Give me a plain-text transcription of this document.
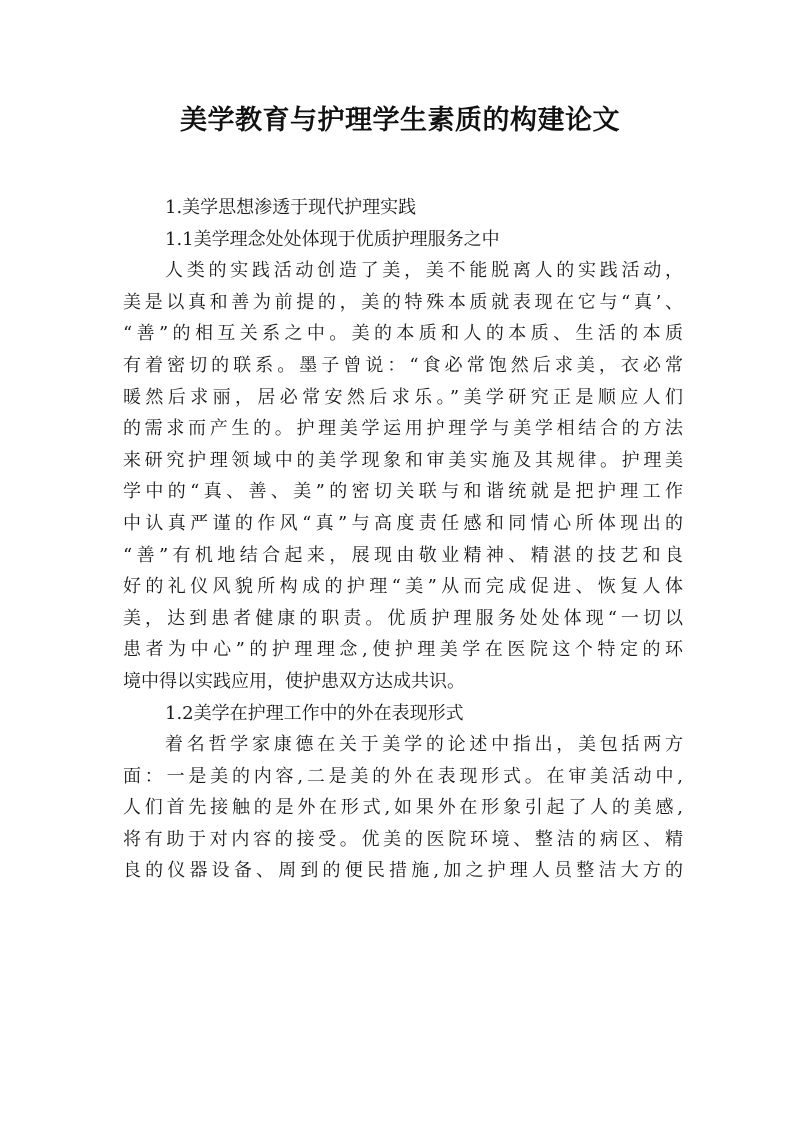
美学教育与护理学生素质的构建论文

1.美学思想渗透于现代护理实践

1.1美学理念处处体现于优质护理服务之中

人类的实践活动创造了美，美不能脱离人的实践活动，

美是以真和善为前提的，美的特殊本质就表现在它与“真’、

“善”的相互关系之中。美的本质和人的本质、生活的本质

有着密切的联系。墨子曾说：“食必常饱然后求美，衣必常

暖然后求丽，居必常安然后求乐。”美学研究正是顺应人们

的需求而产生的。护理美学运用护理学与美学相结合的方法

来研究护理领域中的美学现象和审美实施及其规律。护理美

学中的“真、善、美”的密切关联与和谐统就是把护理工作

中认真严谨的作风“真”与高度责任感和同情心所体现出的

“善”有机地结合起来，展现由敬业精神、精湛的技艺和良

好的礼仪风貌所构成的护理“美”从而完成促进、恢复人体

美，达到患者健康的职责。优质护理服务处处体现“一切以

患者为中心”的护理理念,使护理美学在医院这个特定的环

境中得以实践应用，使护患双方达成共识。

1.2美学在护理工作中的外在表现形式

着名哲学家康德在关于美学的论述中指出，美包括两方

面：一是美的内容,二是美的外在表现形式。在审美活动中,

人们首先接触的是外在形式,如果外在形象引起了人的美感,

将有助于对内容的接受。优美的医院环境、整洁的病区、精

良的仪器设备、周到的便民措施,加之护理人员整洁大方的
